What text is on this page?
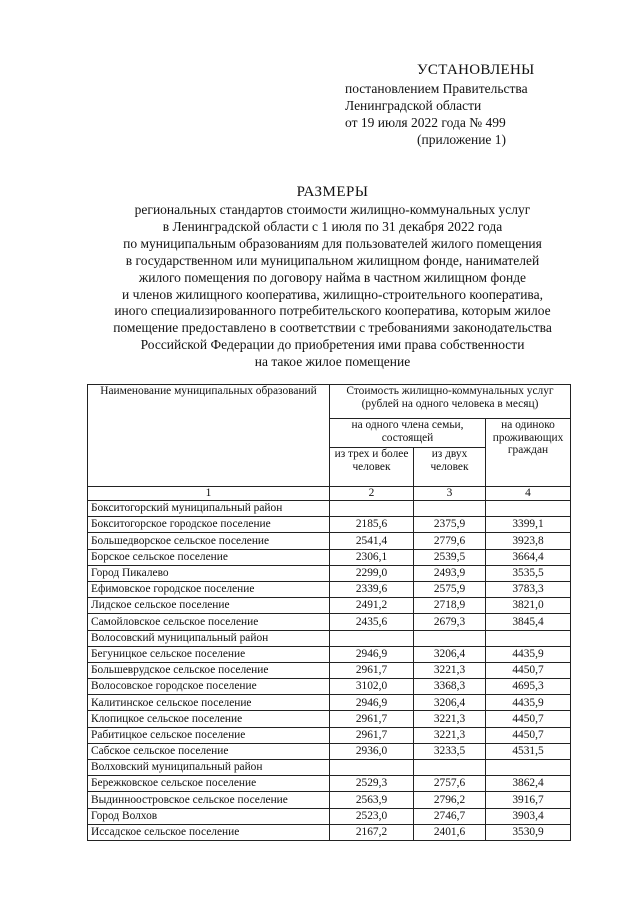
УСТАНОВЛЕНЫ
постановлением Правительства
Ленинградской области
от 19 июля 2022 года № 499
(приложение 1)
РАЗМЕРЫ
региональных стандартов стоимости жилищно-коммунальных услуг
в Ленинградской области с 1 июля по 31 декабря 2022 года
по муниципальным образованиям для пользователей жилого помещения
в государственном или муниципальном жилищном фонде, нанимателей
жилого помещения по договору найма в частном жилищном фонде
и членов жилищного кооператива, жилищно-строительного кооператива,
иного специализированного потребительского кооператива, которым жилое
помещение предоставлено в соответствии с требованиями законодательства
Российской Федерации до приобретения ими права собственности
на такое жилое помещение
Наименование муниципальных образований	Стоимость жилищно-коммунальных услуг (рублей на одного человека в месяц)		
	на одного члена семьи, состоящей		на одиноко проживающих граждан
	из трех и более человек	из двух человек	
1	2	3	4
Бокситогорский муниципальный район			
Бокситогорское городское поселение	2185,6	2375,9	3399,1
Большедворское сельское поселение	2541,4	2779,6	3923,8
Борское сельское поселение	2306,1	2539,5	3664,4
Город Пикалево	2299,0	2493,9	3535,5
Ефимовское городское поселение	2339,6	2575,9	3783,3
Лидское сельское поселение	2491,2	2718,9	3821,0
Самойловское сельское поселение	2435,6	2679,3	3845,4
Волосовский муниципальный район			
Бегуницкое сельское поселение	2946,9	3206,4	4435,9
Большеврудское сельское поселение	2961,7	3221,3	4450,7
Волосовское городское поселение	3102,0	3368,3	4695,3
Калитинское сельское поселение	2946,9	3206,4	4435,9
Клопицкое сельское поселение	2961,7	3221,3	4450,7
Рабитицкое сельское поселение	2961,7	3221,3	4450,7
Сабское сельское поселение	2936,0	3233,5	4531,5
Волховский муниципальный район			
Бережковское сельское поселение	2529,3	2757,6	3862,4
Выдинноостровское сельское поселение	2563,9	2796,2	3916,7
Город Волхов	2523,0	2746,7	3903,4
Иссадское сельское поселение	2167,2	2401,6	3530,9
